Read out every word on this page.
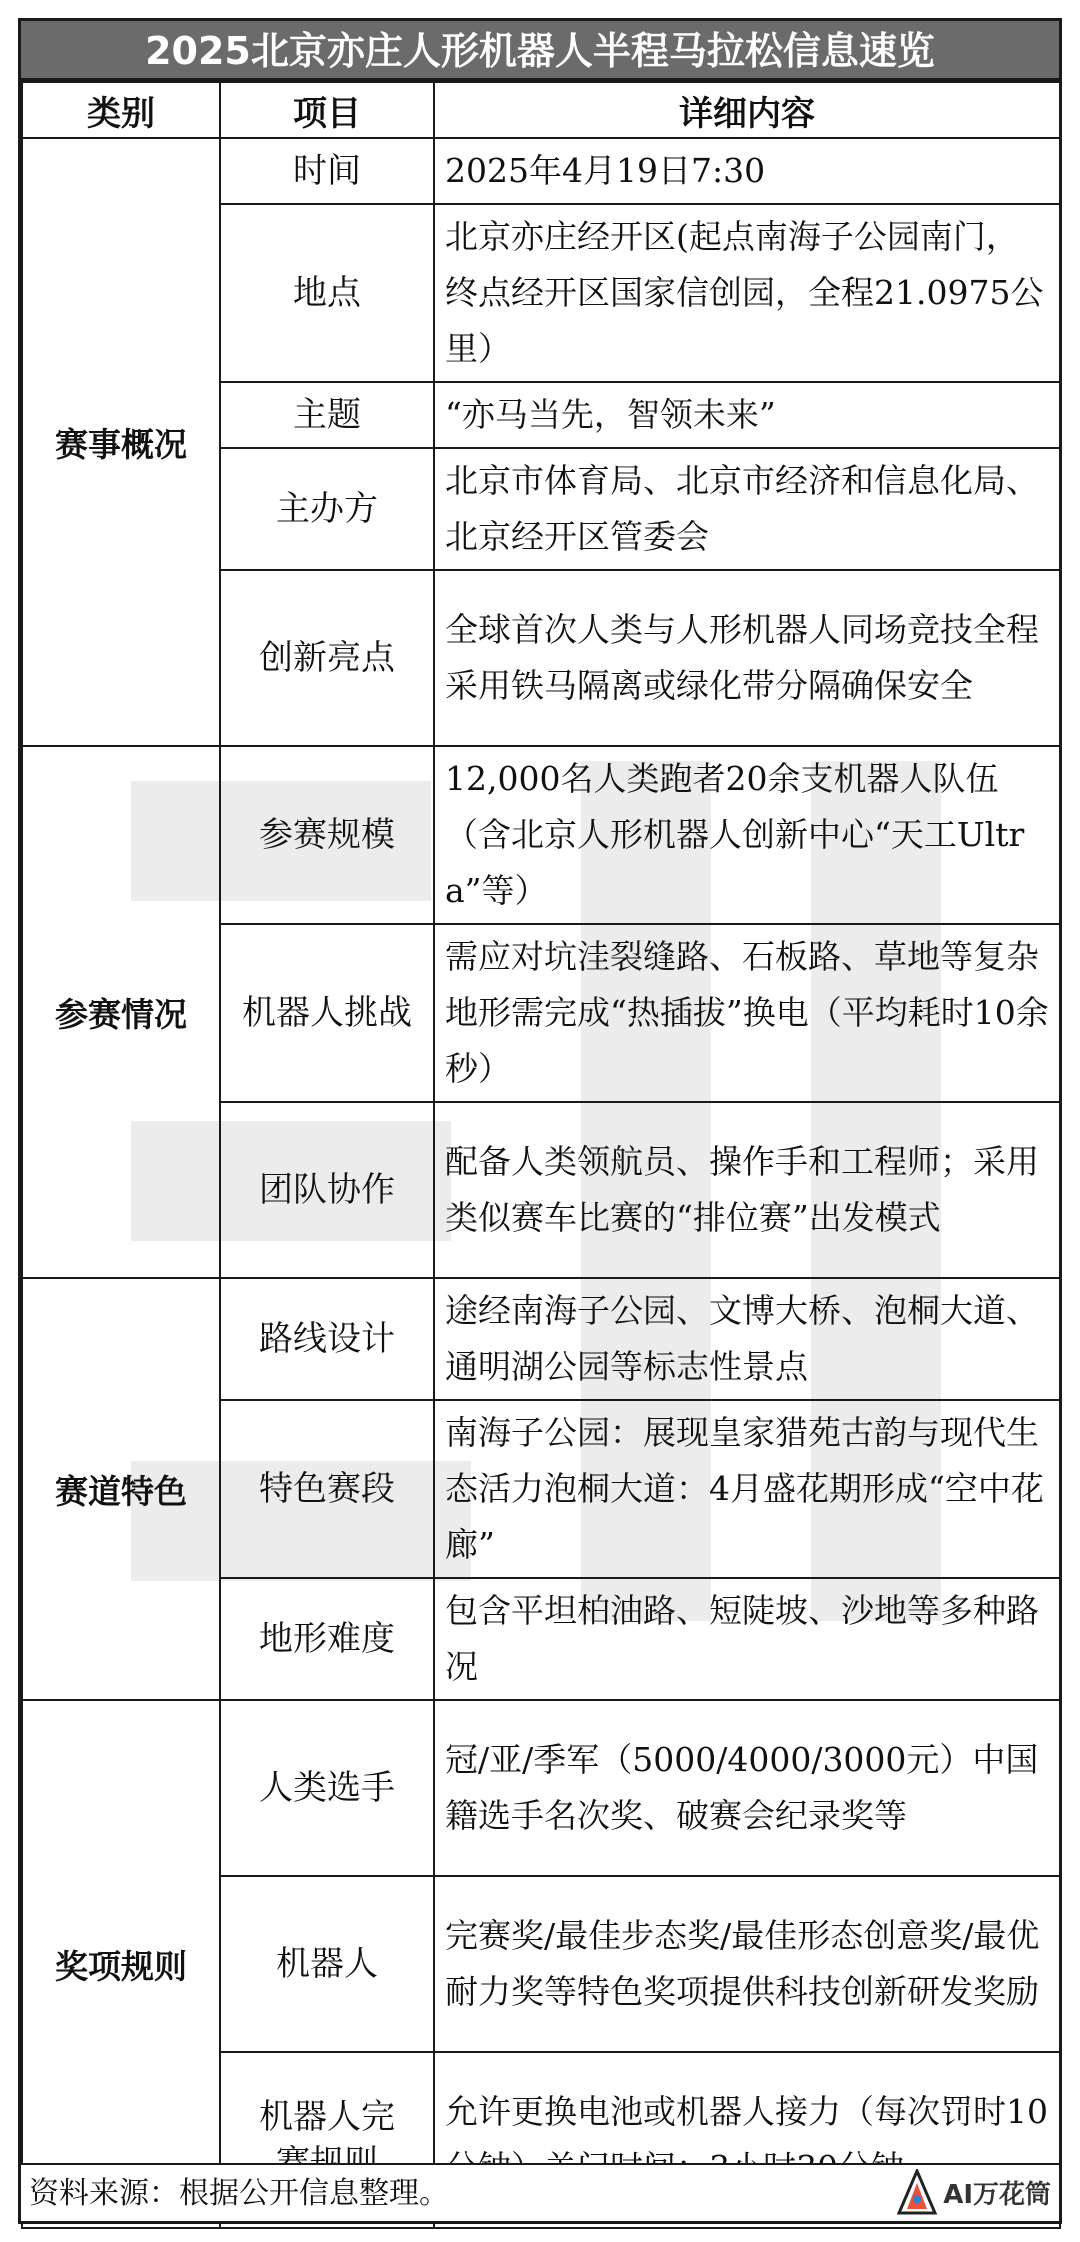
2025北京亦庄人形机器人半程马拉松信息速览
类别	项目	详细内容
赛事概况	时间	2025年4月19日7:30
	地点	北京亦庄经开区(起点南海子公园南门，终点经开区国家信创园，全程21.0975公里）
	主题	“亦马当先，智领未来”
	主办方	北京市体育局、北京市经济和信息化局、北京经开区管委会
	创新亮点	全球首次人类与人形机器人同场竞技全程采用铁马隔离或绿化带分隔确保安全
参赛情况	参赛规模	12,000名人类跑者20余支机器人队伍（含北京人形机器人创新中心“天工Ultra”等）
	机器人挑战	需应对坑洼裂缝路、石板路、草地等复杂地形需完成“热插拔”换电（平均耗时10余秒）
	团队协作	配备人类领航员、操作手和工程师；采用类似赛车比赛的“排位赛”出发模式
赛道特色	路线设计	途经南海子公园、文博大桥、泡桐大道、通明湖公园等标志性景点
	特色赛段	南海子公园：展现皇家猎苑古韵与现代生态活力泡桐大道：4月盛花期形成“空中花廊”
	地形难度	包含平坦柏油路、短陡坡、沙地等多种路况
奖项规则	人类选手	冠/亚/季军（5000/4000/3000元）中国籍选手名次奖、破赛会纪录奖等
	机器人	完赛奖/最佳步态奖/最佳形态创意奖/最优耐力奖等特色奖项提供科技创新研发奖励
	机器人完	允许更换电池或机器人接力（每次罚时10
资料来源：根据公开信息整理。	AI万花筒
